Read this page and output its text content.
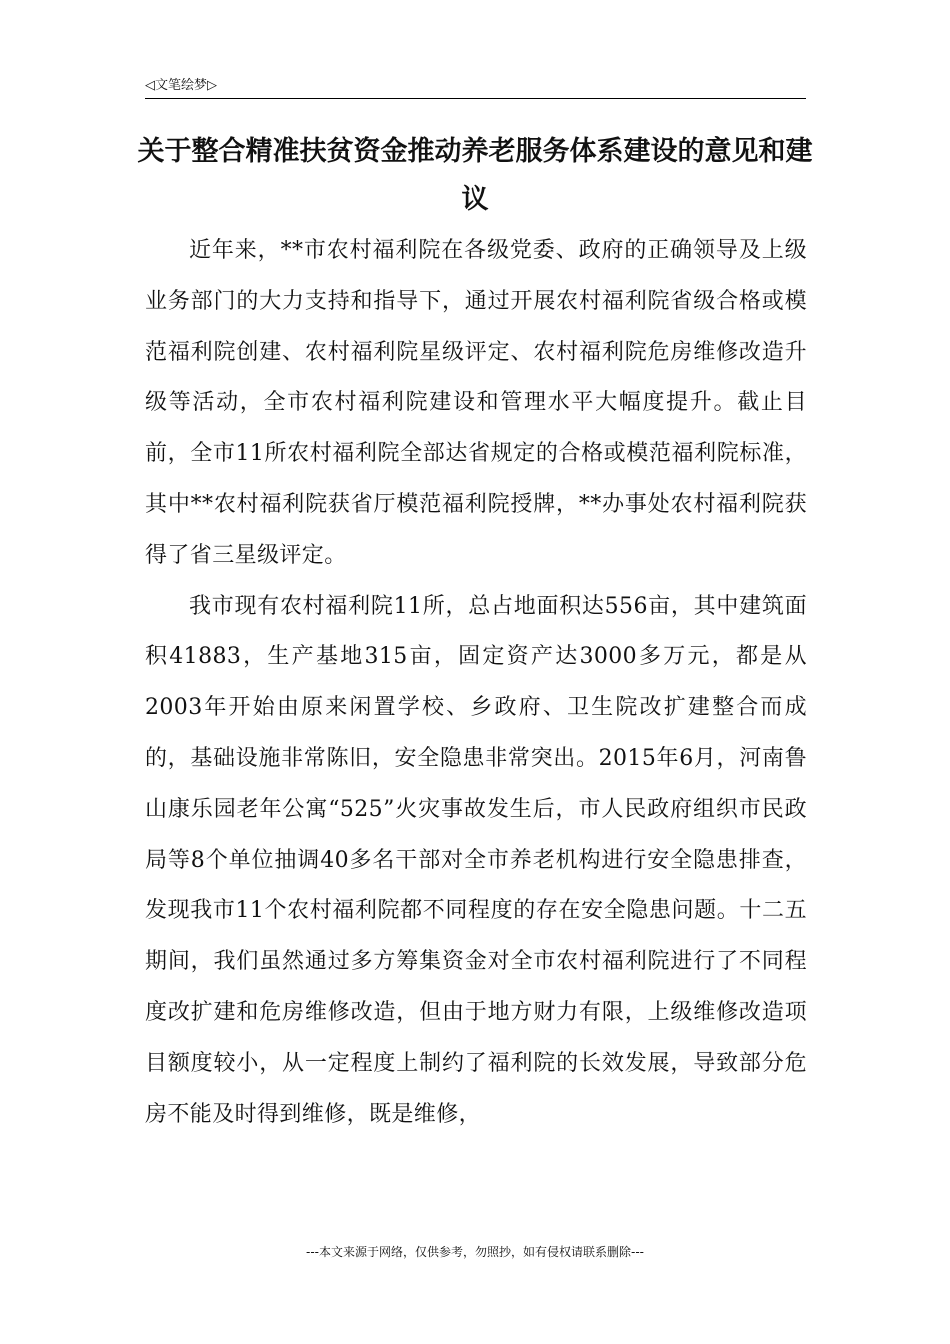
◁文笔绘梦▷
关于整合精准扶贫资金推动养老服务体系建设的意见和建议

近年来，**市农村福利院在各级党委、政府的正确领导及上级业务部门的大力支持和指导下，通过开展农村福利院省级合格或模范福利院创建、农村福利院星级评定、农村福利院危房维修改造升级等活动，全市农村福利院建设和管理水平大幅度提升。截止目前，全市11所农村福利院全部达省规定的合格或模范福利院标准，其中**农村福利院获省厅模范福利院授牌，**办事处农村福利院获得了省三星级评定。

我市现有农村福利院11所，总占地面积达556亩，其中建筑面积41883，生产基地315亩，固定资产达3000多万元，都是从2003年开始由原来闲置学校、乡政府、卫生院改扩建整合而成的，基础设施非常陈旧，安全隐患非常突出。2015年6月，河南鲁山康乐园老年公寓“525”火灾事故发生后，市人民政府组织市民政局等8个单位抽调40多名干部对全市养老机构进行安全隐患排查，发现我市11个农村福利院都不同程度的存在安全隐患问题。十二五期间，我们虽然通过多方筹集资金对全市农村福利院进行了不同程度改扩建和危房维修改造，但由于地方财力有限，上级维修改造项目额度较小，从一定程度上制约了福利院的长效发展，导致部分危房不能及时得到维修，既是维修，

---本文来源于网络，仅供参考，勿照抄，如有侵权请联系删除---
